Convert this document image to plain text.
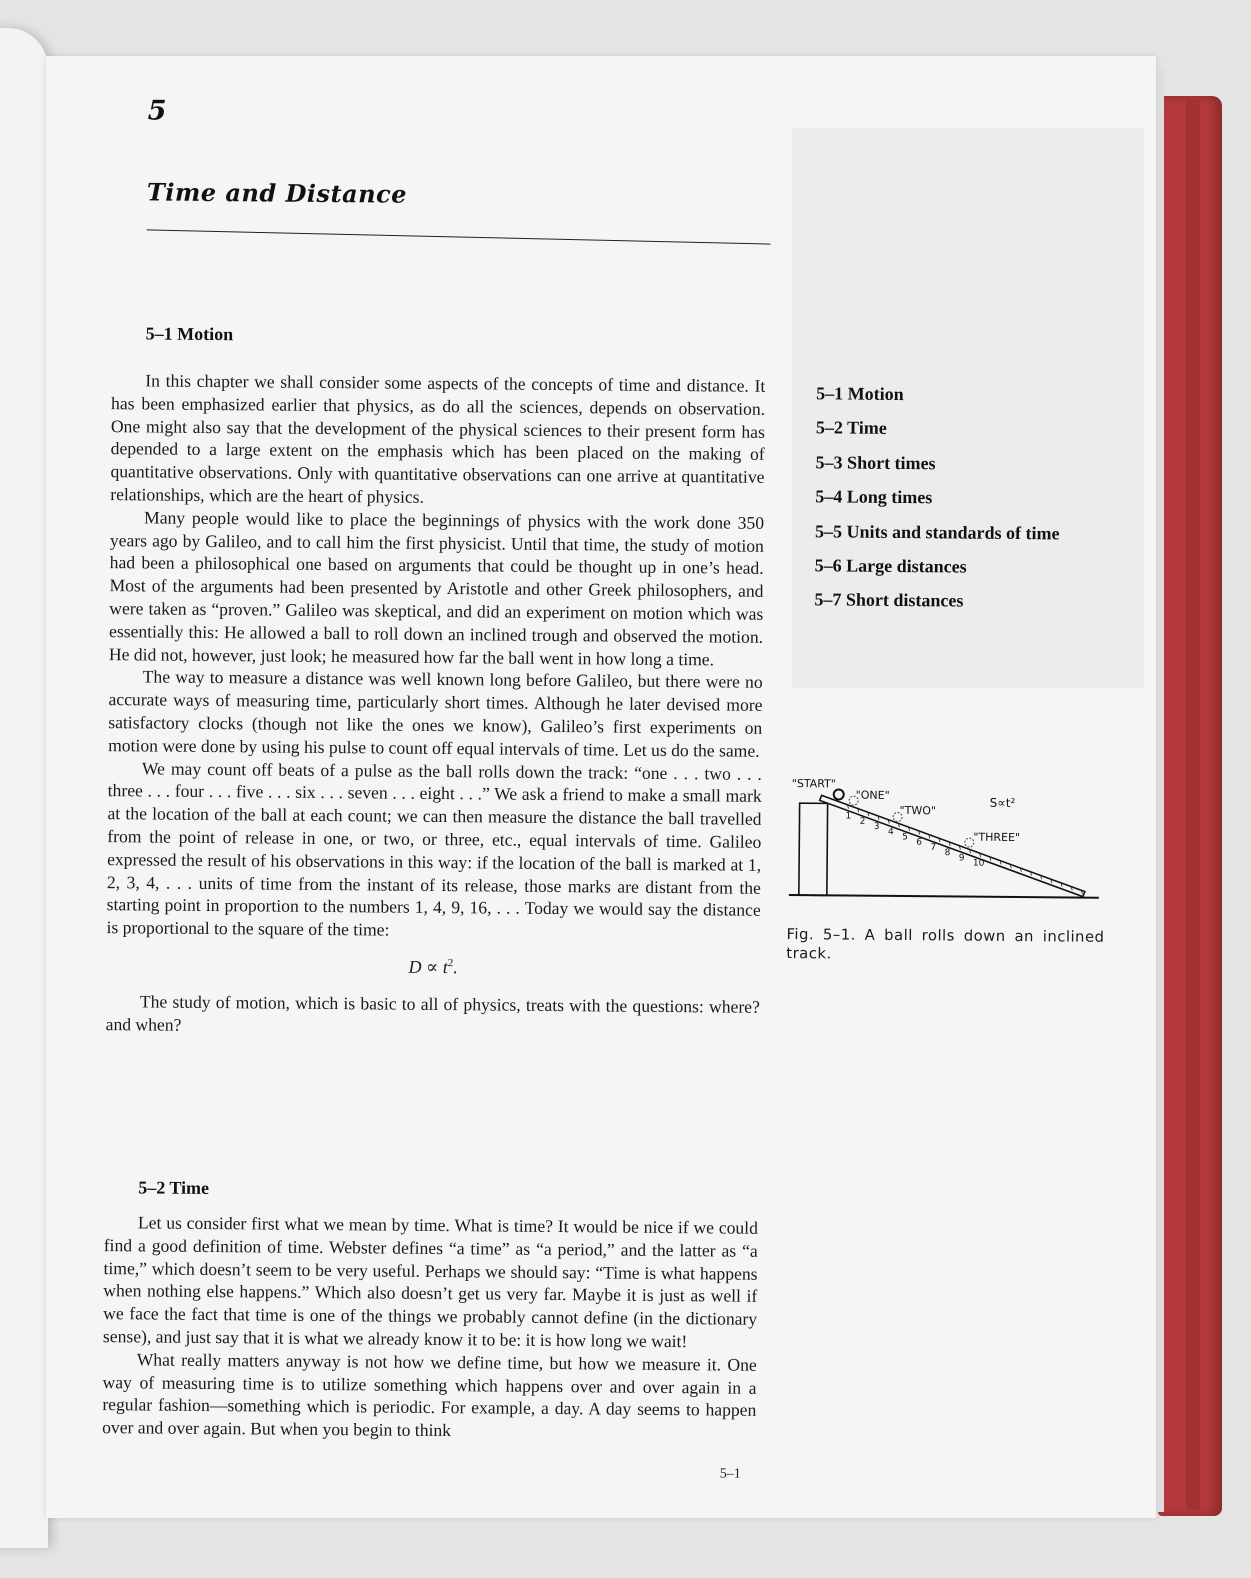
5
Time and Distance
5–1 Motion

In this chapter we shall consider some aspects of the concepts of time and distance. It has been emphasized earlier that physics, as do all the sciences, depends on observation. One might also say that the development of the physical sciences to their present form has depended to a large extent on the emphasis which has been placed on the making of quantitative observations. Only with quantitative observations can one arrive at quantitative relationships, which are the heart of physics.

Many people would like to place the beginnings of physics with the work done 350 years ago by Galileo, and to call him the first physicist. Until that time, the study of motion had been a philosophical one based on arguments that could be thought up in one’s head. Most of the arguments had been presented by Aristotle and other Greek philosophers, and were taken as “proven.” Galileo was skeptical, and did an experiment on motion which was essentially this: He allowed a ball to roll down an inclined trough and observed the motion. He did not, however, just look; he measured how far the ball went in how long a time.

The way to measure a distance was well known long before Galileo, but there were no accurate ways of measuring time, particularly short times. Although he later devised more satisfactory clocks (though not like the ones we know), Galileo’s first experiments on motion were done by using his pulse to count off equal intervals of time. Let us do the same.

We may count off beats of a pulse as the ball rolls down the track: “one . . . two . . . three . . . four . . . five . . . six . . . seven . . . eight . . .” We ask a friend to make a small mark at the location of the ball at each count; we can then measure the distance the ball travelled from the point of release in one, or two, or three, etc., equal intervals of time. Galileo expressed the result of his observations in this way: if the location of the ball is marked at 1, 2, 3, 4, . . . units of time from the instant of its release, those marks are distant from the starting point in proportion to the numbers 1, 4, 9, 16, . . . Today we would say the distance is proportional to the square of the time:

$D \propto t^2$.

The study of motion, which is basic to all of physics, treats with the questions: where? and when?

5–2 Time

Let us consider first what we mean by time. What is time? It would be nice if we could find a good definition of time. Webster defines “a time” as “a period,” and the latter as “a time,” which doesn’t seem to be very useful. Perhaps we should say: “Time is what happens when nothing else happens.” Which also doesn’t get us very far. Maybe it is just as well if we face the fact that time is one of the things we probably cannot define (in the dictionary sense), and just say that it is what we already know it to be: it is how long we wait!

What really matters anyway is not how we define time, but how we measure it. One way of measuring time is to utilize something which happens over and over again in a regular fashion—something which is periodic. For example, a day. A day seems to happen over and over again. But when you begin to think

5–1 Motion
5–2 Time
5–3 Short times
5–4 Long times
5–5 Units and standards of time
5–6 Large distances
5–7 Short distances
1
2
3
4
5
6
7
8
9
10
"START"
"ONE"
"TWO"
"THREE"
S∝t²
Fig. 5–1. A ball rolls down an inclined track.
5–1
